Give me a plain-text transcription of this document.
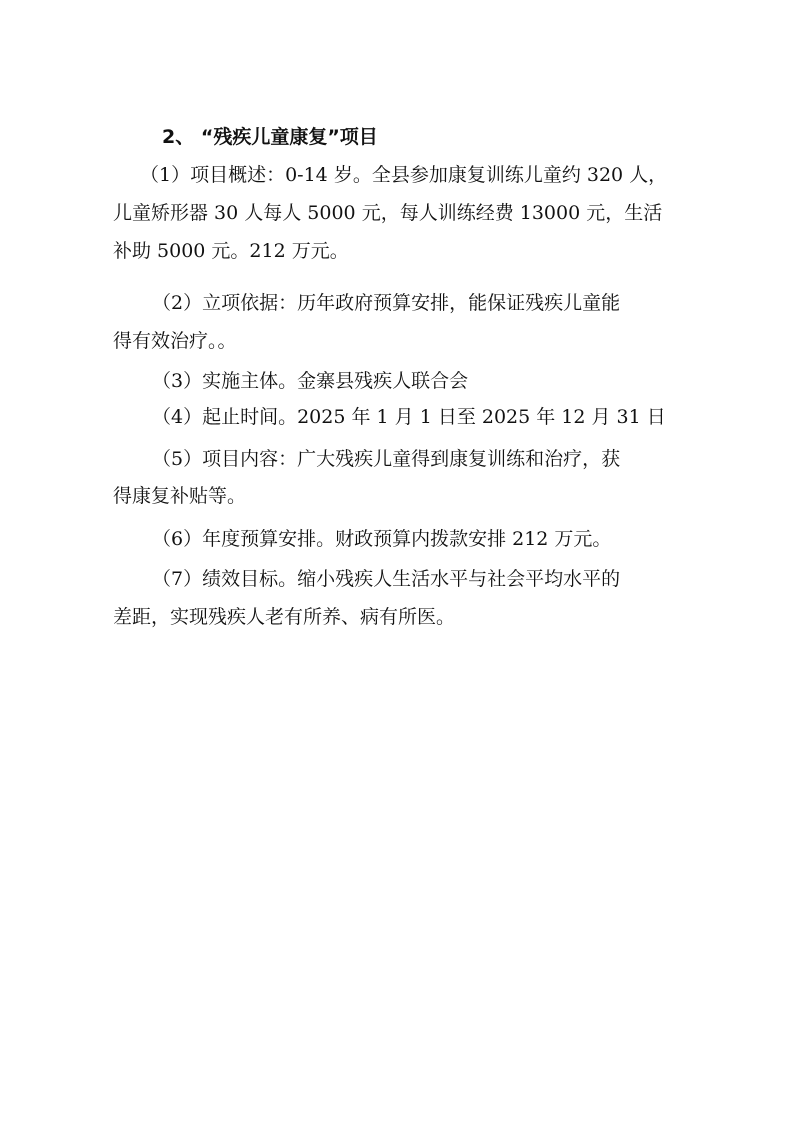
2、 “残疾儿童康复”项目
（1）项目概述：0-14 岁。全县参加康复训练儿童约 320 人，
儿童矫形器 30 人每人 5000 元，每人训练经费 13000 元，生活
补助 5000 元。212 万元。
（2）立项依据：历年政府预算安排，能保证残疾儿童能
得有效治疗。。
（3）实施主体。金寨县残疾人联合会
（4）起止时间。2025 年 1 月 1 日至 2025 年 12 月 31 日
（5）项目内容：广大残疾儿童得到康复训练和治疗，获
得康复补贴等。
（6）年度预算安排。财政预算内拨款安排 212 万元。
（7）绩效目标。缩小残疾人生活水平与社会平均水平的
差距，实现残疾人老有所养、病有所医。
